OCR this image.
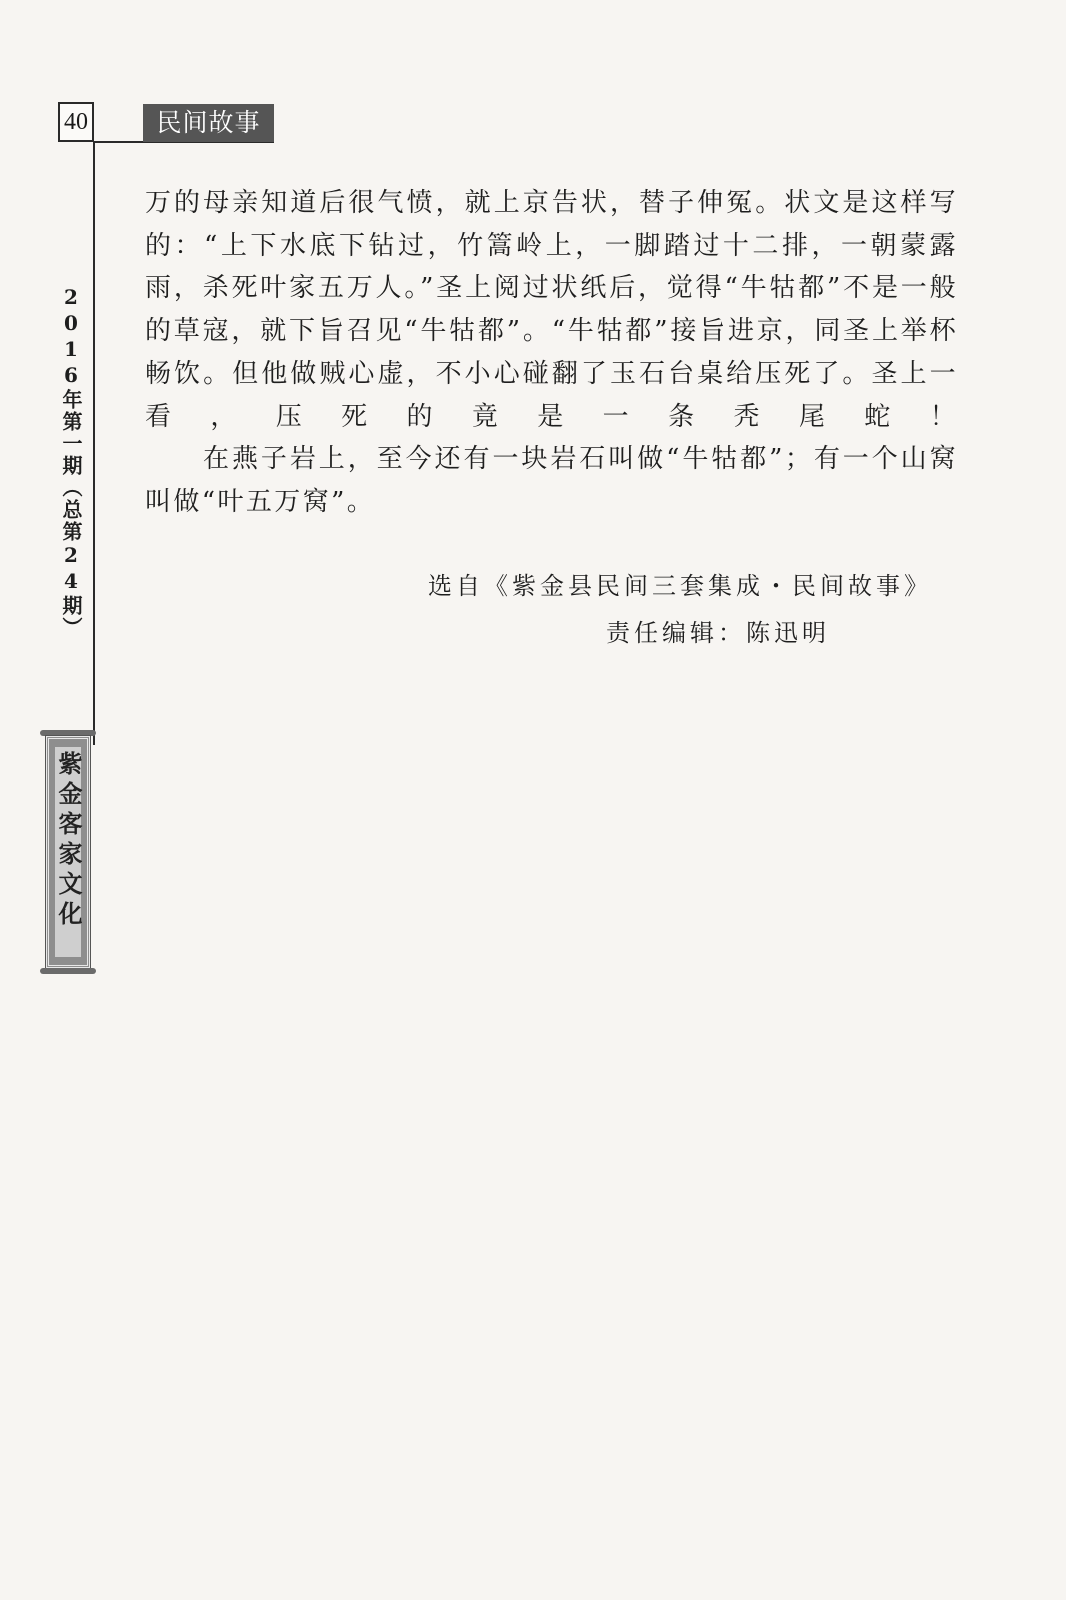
40	民间故事
2016年第一期（总第24期）
紫金客家文化

万的母亲知道后很气愤，就上京告状，替子伸冤。状文是这样写的：“上下水底下钻过，竹篙岭上，一脚踏过十二排，一朝蒙露雨，杀死叶家五万人。”圣上阅过状纸后，觉得“牛牯都”不是一般的草寇，就下旨召见“牛牯都”。“牛牯都”接旨进京，同圣上举杯畅饮。但他做贼心虚，不小心碰翻了玉石台桌给压死了。圣上一看，压死的竟是一条秃尾蛇！

在燕子岩上，至今还有一块岩石叫做“牛牯都”；有一个山窝叫做“叶五万窝”。

选自《紫金县民间三套集成・民间故事》
责任编辑：陈迅明
